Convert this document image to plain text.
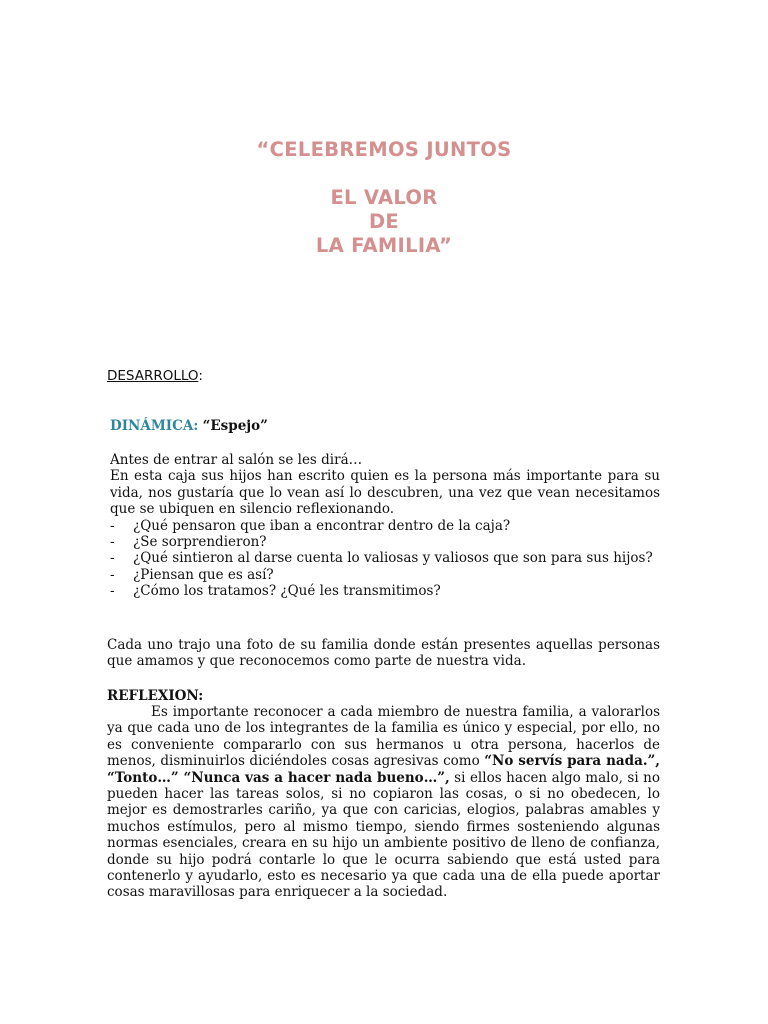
“CELEBREMOS JUNTOS
EL VALOR
DE
LA FAMILIA”
DESARROLLO:
DINÁMICA: “Espejo”

Antes de entrar al salón se les dirá…

En esta caja sus hijos han escrito quien es la persona más importante para su vida, nos gustaría que lo vean así lo descubren, una vez que vean necesitamos que se ubiquen en silencio reflexionando.

- ¿Qué pensaron que iban a encontrar dentro de la caja?
- ¿Se sorprendieron?
- ¿Qué sintieron al darse cuenta lo valiosas y valiosos que son para sus hijos?
- ¿Piensan que es así?
- ¿Cómo los tratamos? ¿Qué les transmitimos?

Cada uno trajo una foto de su familia donde están presentes aquellas personas que amamos y que reconocemos como parte de nuestra vida.

REFLEXION:

Es importante reconocer a cada miembro de nuestra familia, a valorarlos ya que cada uno de los integrantes de la familia es único y especial, por ello, no es conveniente compararlo con sus hermanos u otra persona, hacerlos de menos, disminuirlos diciéndoles cosas agresivas como “No servís para nada.”, “Tonto…” “Nunca vas a hacer nada bueno…”, si ellos hacen algo malo, si no pueden hacer las tareas solos, si no copiaron las cosas, o si no obedecen, lo mejor es demostrarles cariño, ya que con caricias, elogios, palabras amables y muchos estímulos, pero al mismo tiempo, siendo firmes sosteniendo algunas normas esenciales, creara en su hijo un ambiente positivo de lleno de confianza, donde su hijo podrá contarle lo que le ocurra sabiendo que está usted para contenerlo y ayudarlo, esto es necesario ya que cada una de ella puede aportar cosas maravillosas para enriquecer a la sociedad.
